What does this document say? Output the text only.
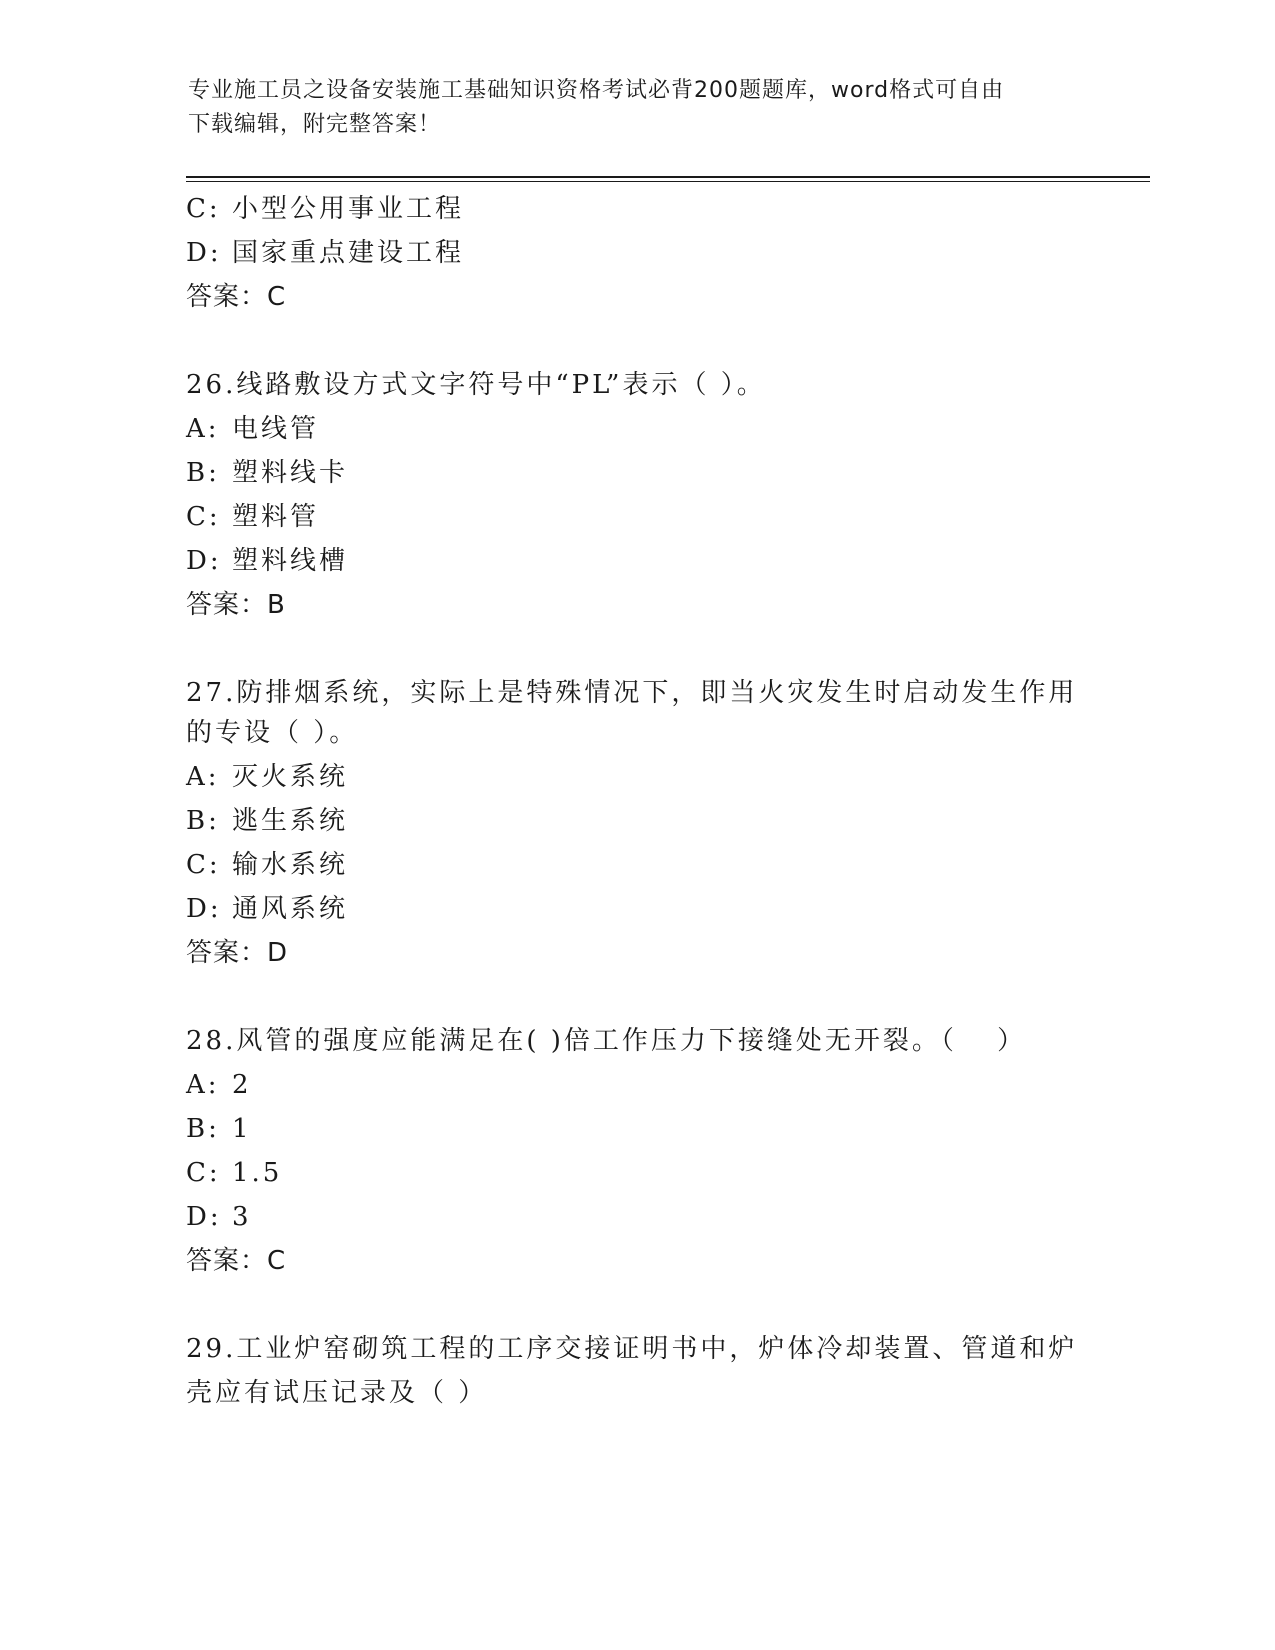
专业施工员之设备安装施工基础知识资格考试必背200题题库，word格式可自由
下载编辑，附完整答案！
C: 小型公用事业工程
D: 国家重点建设工程
答案：C
26.线路敷设方式文字符号中“PL”表示（ ）。
A: 电线管
B: 塑料线卡
C: 塑料管
D: 塑料线槽
答案：B
27.防排烟系统，实际上是特殊情况下，即当火灾发生时启动发生作用
的专设（ ）。
A: 灭火系统
B: 逃生系统
C: 输水系统
D: 通风系统
答案：D
28.风管的强度应能满足在( )倍工作压力下接缝处无开裂。（　 ）
A: 2
B: 1
C: 1.5
D: 3
答案：C
29.工业炉窑砌筑工程的工序交接证明书中，炉体冷却装置、管道和炉
壳应有试压记录及（ ）
